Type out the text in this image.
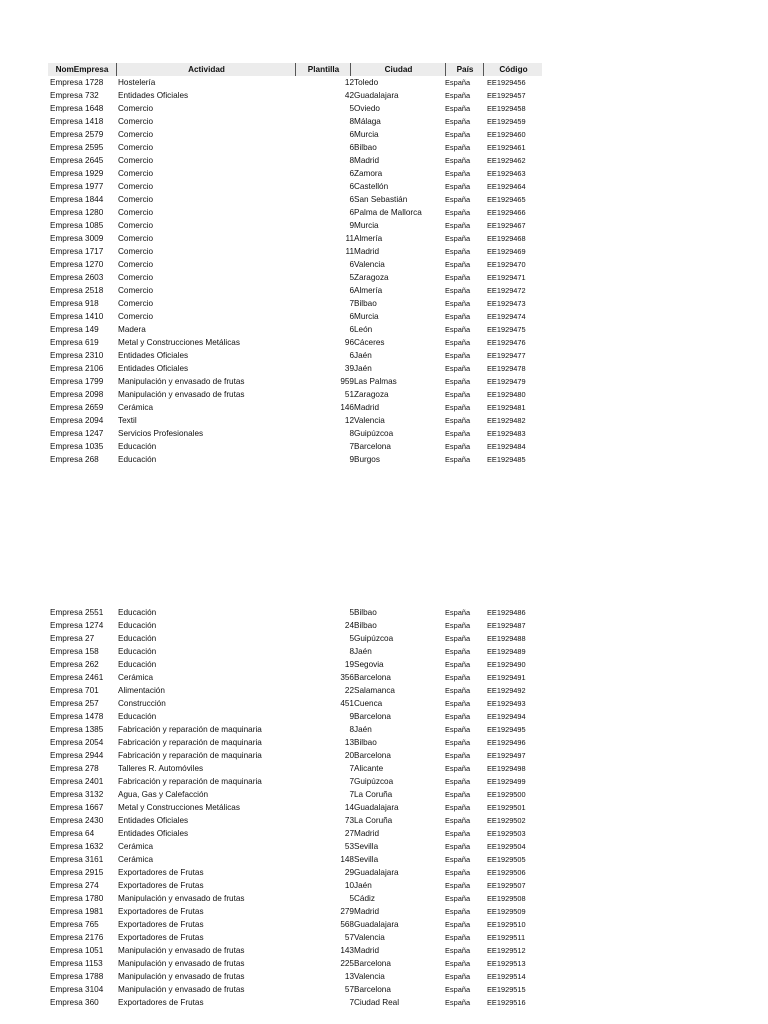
NomEmpresa	Actividad	Plantilla	Ciudad	País	Código
Empresa 1728	Hostelería	12 Toledo	España EE1929456
Empresa 732	Entidades Oficiales	42 Guadalajara	España EE1929457
Empresa 1648	Comercio	5 Oviedo	España EE1929458
Empresa 1418	Comercio	8 Málaga	España EE1929459
Empresa 2579	Comercio	6 Murcia	España EE1929460
Empresa 2595	Comercio	6 Bilbao	España EE1929461
Empresa 2645	Comercio	8 Madrid	España EE1929462
Empresa 1929	Comercio	6 Zamora	España EE1929463
Empresa 1977	Comercio	6 Castellón	España EE1929464
Empresa 1844	Comercio	6 San Sebastián	España EE1929465
Empresa 1280	Comercio	6 Palma de Mallorca	España EE1929466
Empresa 1085	Comercio	9 Murcia	España EE1929467
Empresa 3009	Comercio	11 Almería	España EE1929468
Empresa 1717	Comercio	11 Madrid	España EE1929469
Empresa 1270	Comercio	6 Valencia	España EE1929470
Empresa 2603	Comercio	5 Zaragoza	España EE1929471
Empresa 2518	Comercio	6 Almería	España EE1929472
Empresa 918	Comercio	7 Bilbao	España EE1929473
Empresa 1410	Comercio	6 Murcia	España EE1929474
Empresa 149	Madera	6 León	España EE1929475
Empresa 619	Metal y Construcciones Metálicas	96 Cáceres	España EE1929476
Empresa 2310	Entidades Oficiales	6 Jaén	España EE1929477
Empresa 2106	Entidades Oficiales	39 Jaén	España EE1929478
Empresa 1799	Manipulación y envasado de frutas	959 Las Palmas	España EE1929479
Empresa 2098	Manipulación y envasado de frutas	51 Zaragoza	España EE1929480
Empresa 2659	Cerámica	146 Madrid	España EE1929481
Empresa 2094	Textil	12 Valencia	España EE1929482
Empresa 1247	Servicios Profesionales	8 Guipúzcoa	España EE1929483
Empresa 1035	Educación	7 Barcelona	España EE1929484
Empresa 268	Educación	9 Burgos	España EE1929485
Empresa 2551	Educación	5 Bilbao	España EE1929486
Empresa 1274	Educación	24 Bilbao	España EE1929487
Empresa 27	Educación	5 Guipúzcoa	España EE1929488
Empresa 158	Educación	8 Jaén	España EE1929489
Empresa 262	Educación	19 Segovia	España EE1929490
Empresa 2461	Cerámica	356 Barcelona	España EE1929491
Empresa 701	Alimentación	22 Salamanca	España EE1929492
Empresa 257	Construcción	451 Cuenca	España EE1929493
Empresa 1478	Educación	9 Barcelona	España EE1929494
Empresa 1385	Fabricación y reparación de maquinaria	8 Jaén	España EE1929495
Empresa 2054	Fabricación y reparación de maquinaria	13 Bilbao	España EE1929496
Empresa 2944	Fabricación y reparación de maquinaria	20 Barcelona	España EE1929497
Empresa 278	Talleres R. Automóviles	7 Alicante	España EE1929498
Empresa 2401	Fabricación y reparación de maquinaria	7 Guipúzcoa	España EE1929499
Empresa 3132	Agua, Gas y Calefacción	7 La Coruña	España EE1929500
Empresa 1667	Metal y Construcciones Metálicas	14 Guadalajara	España EE1929501
Empresa 2430	Entidades Oficiales	73 La Coruña	España EE1929502
Empresa 64	Entidades Oficiales	27 Madrid	España EE1929503
Empresa 1632	Cerámica	53 Sevilla	España EE1929504
Empresa 3161	Cerámica	148 Sevilla	España EE1929505
Empresa 2915	Exportadores de Frutas	29 Guadalajara	España EE1929506
Empresa 274	Exportadores de Frutas	10 Jaén	España EE1929507
Empresa 1780	Manipulación y envasado de frutas	5 Cádiz	España EE1929508
Empresa 1981	Exportadores de Frutas	279 Madrid	España EE1929509
Empresa 765	Exportadores de Frutas	568 Guadalajara	España EE1929510
Empresa 2176	Exportadores de Frutas	57 Valencia	España EE1929511
Empresa 1051	Manipulación y envasado de frutas	143 Madrid	España EE1929512
Empresa 1153	Manipulación y envasado de frutas	225 Barcelona	España EE1929513
Empresa 1788	Manipulación y envasado de frutas	13 Valencia	España EE1929514
Empresa 3104	Manipulación y envasado de frutas	57 Barcelona	España EE1929515
Empresa 360	Exportadores de Frutas	7 Ciudad Real	España EE1929516
